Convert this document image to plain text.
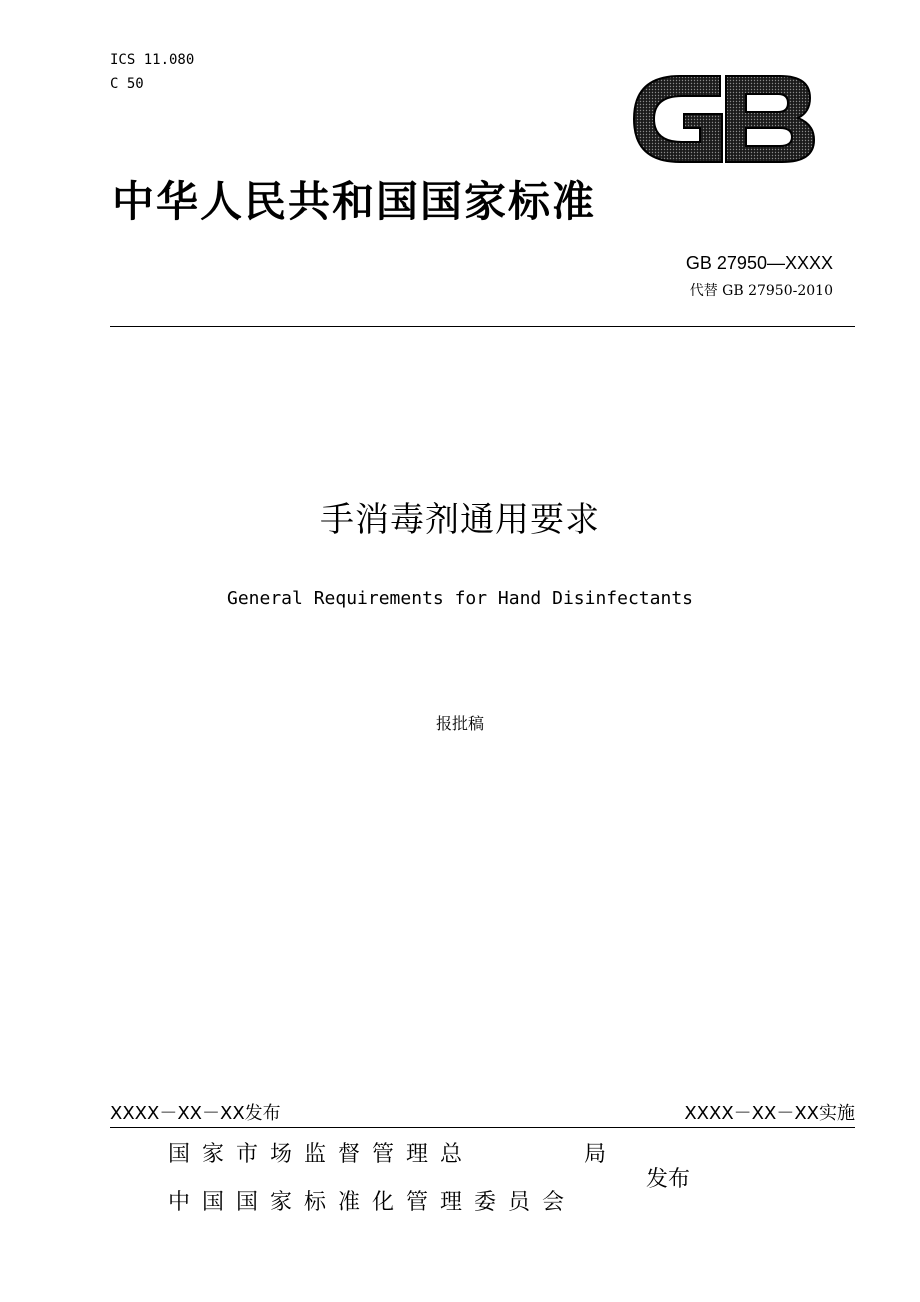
ICS 11.080
C 50
GB
中华人民共和国国家标准
GB 27950—XXXX
代替 GB 27950-2010
手消毒剂通用要求
General Requirements for Hand Disinfectants
报批稿
XXXX－XX－XX发布	XXXX－XX－XX实施
国家市场监督管理总	局
中国国家标准化管理委员会
发布
